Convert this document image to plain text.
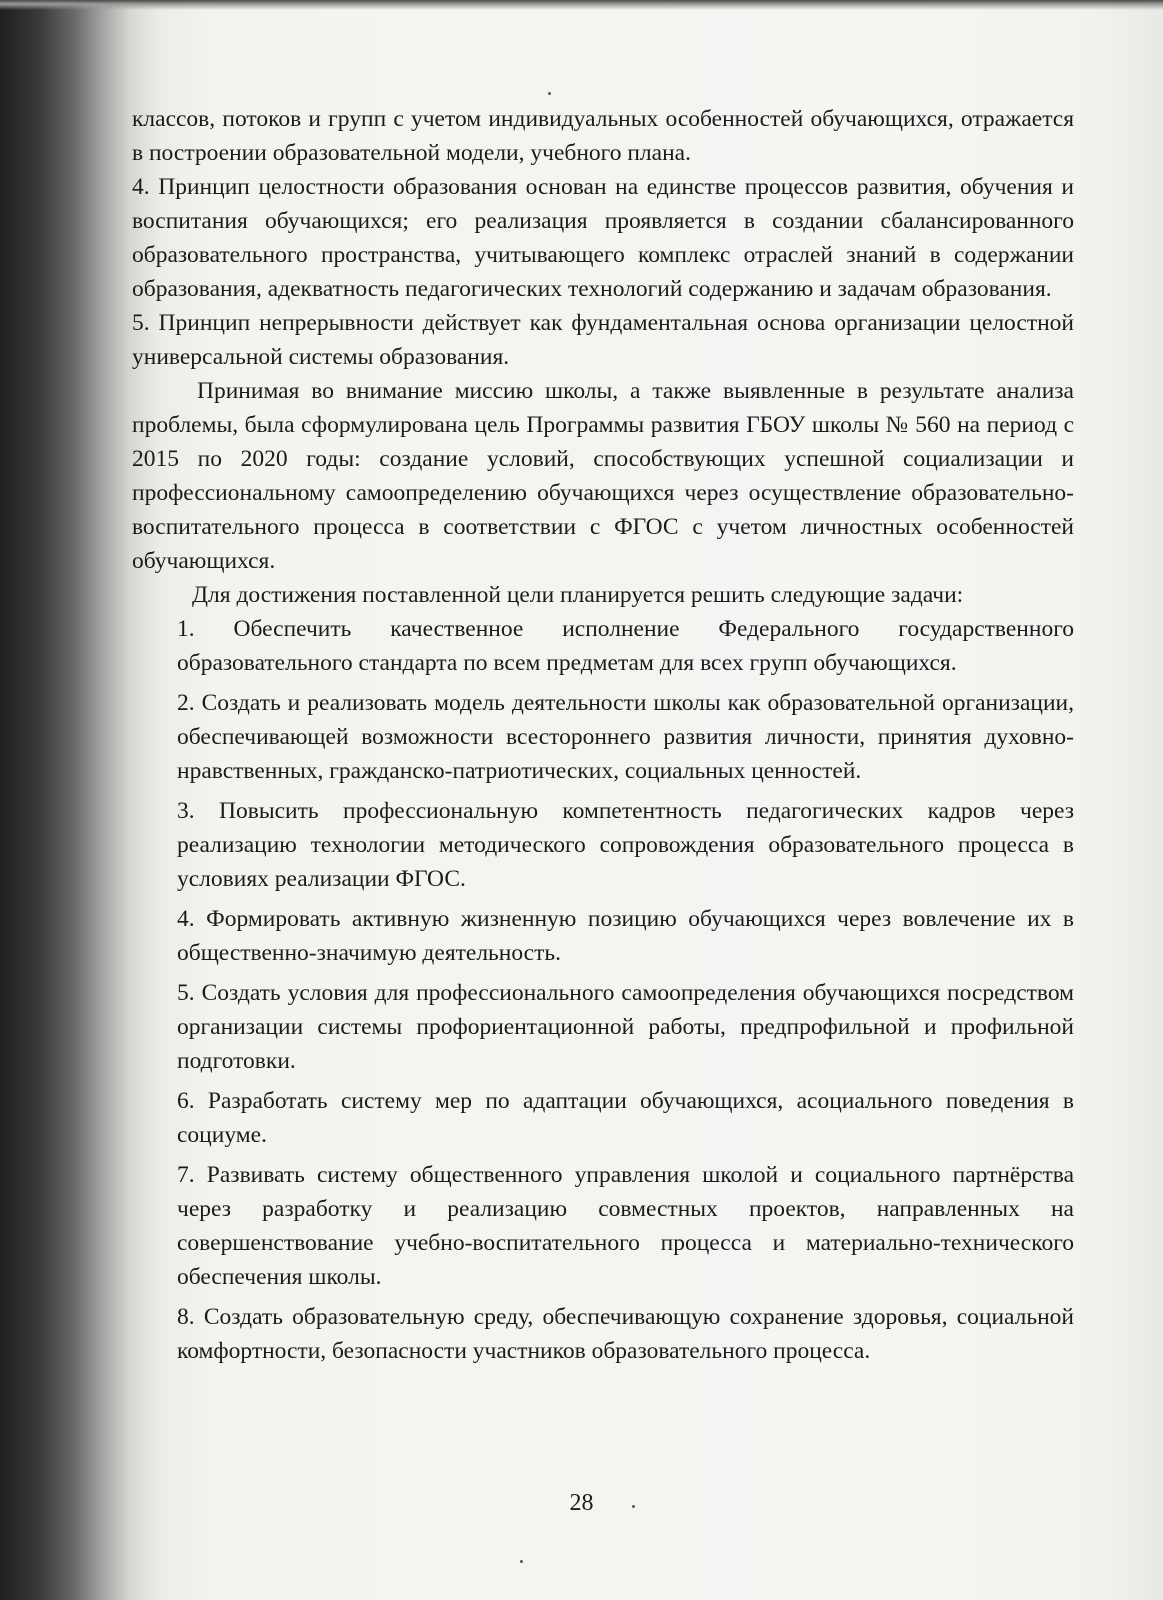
классов, потоков и групп с учетом индивидуальных особенностей обучающихся, отражается в построении образовательной модели, учебного плана.

4. Принцип целостности образования основан на единстве процессов развития, обучения и воспитания обучающихся; его реализация проявляется в создании сбалансированного образовательного пространства, учитывающего комплекс отраслей знаний в содержании образования, адекватность педагогических технологий содержанию и задачам образования.

5. Принцип непрерывности действует как фундаментальная основа организации целостной универсальной системы образования.

Принимая во внимание миссию школы, а также выявленные в результате анализа проблемы, была сформулирована цель Программы развития ГБОУ школы № 560 на период с 2015 по 2020 годы: создание условий, способствующих успешной социализации и профессиональному самоопределению обучающихся через осуществление образовательно-воспитательного процесса в соответствии с ФГОС с учетом личностных особенностей обучающихся.

Для достижения поставленной цели планируется решить следующие задачи:

1. Обеспечить качественное исполнение Федерального государственного образовательного стандарта по всем предметам для всех групп обучающихся.
2. Создать и реализовать модель деятельности школы как образовательной организации, обеспечивающей возможности всестороннего развития личности, принятия духовно-нравственных, гражданско-патриотических, социальных ценностей.
3. Повысить профессиональную компетентность педагогических кадров через реализацию технологии методического сопровождения образовательного процесса в условиях реализации ФГОС.
4. Формировать активную жизненную позицию обучающихся через вовлечение их в общественно-значимую деятельность.
5. Создать условия для профессионального самоопределения обучающихся посредством организации системы профориентационной работы, предпрофильной и профильной подготовки.
6. Разработать систему мер по адаптации обучающихся, асоциального поведения в социуме.
7. Развивать систему общественного управления школой и социального партнёрства через разработку и реализацию совместных проектов, направленных на совершенствование учебно-воспитательного процесса и материально-технического обеспечения школы.
8. Создать образовательную среду, обеспечивающую сохранение здоровья, социальной комфортности, безопасности участников образовательного процесса.
28
